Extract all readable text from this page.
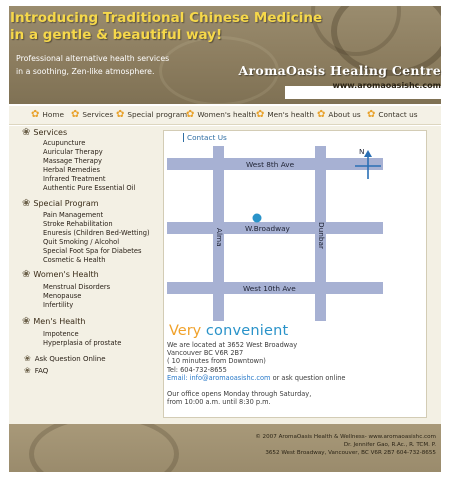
Introducing Traditional Chinese Medicine
in a gentle & beautiful way!
Professional alternative health services
in a soothing, Zen-like atmosphere.	AromaOasis Healing Centre
www.aromaoasishc.com
✿ Home ✿ Services ✿ Special program
✿ Women's health ✿ Men's health ✿ About us ✿ Contact us
❀ Services
Acupuncture
Auricular Therapy
Massage Therapy
Herbal Remedies
Infrared Treatment
Authentic Pure Essential Oil
❀ Special Program
Pain Management
Stroke Rehabilitation
Enuresis (Children Bed-Wetting)
Quit Smoking / Alcohol
Special Foot Spa for Diabetes
Cosmetic & Health
❀ Women's Health
Menstrual Disorders
Menopause
Infertility
❀ Men's Health
Impotence
Hyperplasia of prostate
❀ Ask Question Online
❀ FAQ
Contact Us
West 8th Ave
W.Broadway
West 10th Ave
Alma	Dunbar
N
Very convenient
We are located at 3652 West Broadway
Vancouver BC V6R 2B7
( 10 minutes from Downtown)
Tel: 604-732-8655
Email: info@aromaoasishc.com or ask question online
Our office opens Monday through Saturday,
from 10:00 a.m. until 8:30 p.m.
© 2007 AromaOasis Health & Wellness- www.aromaoasishc.com
Dr. Jennifer Gao, R.Ac., R. TCM. P.
3652 West Broadway, Vancouver, BC V6R 2B7 604-732-8655
